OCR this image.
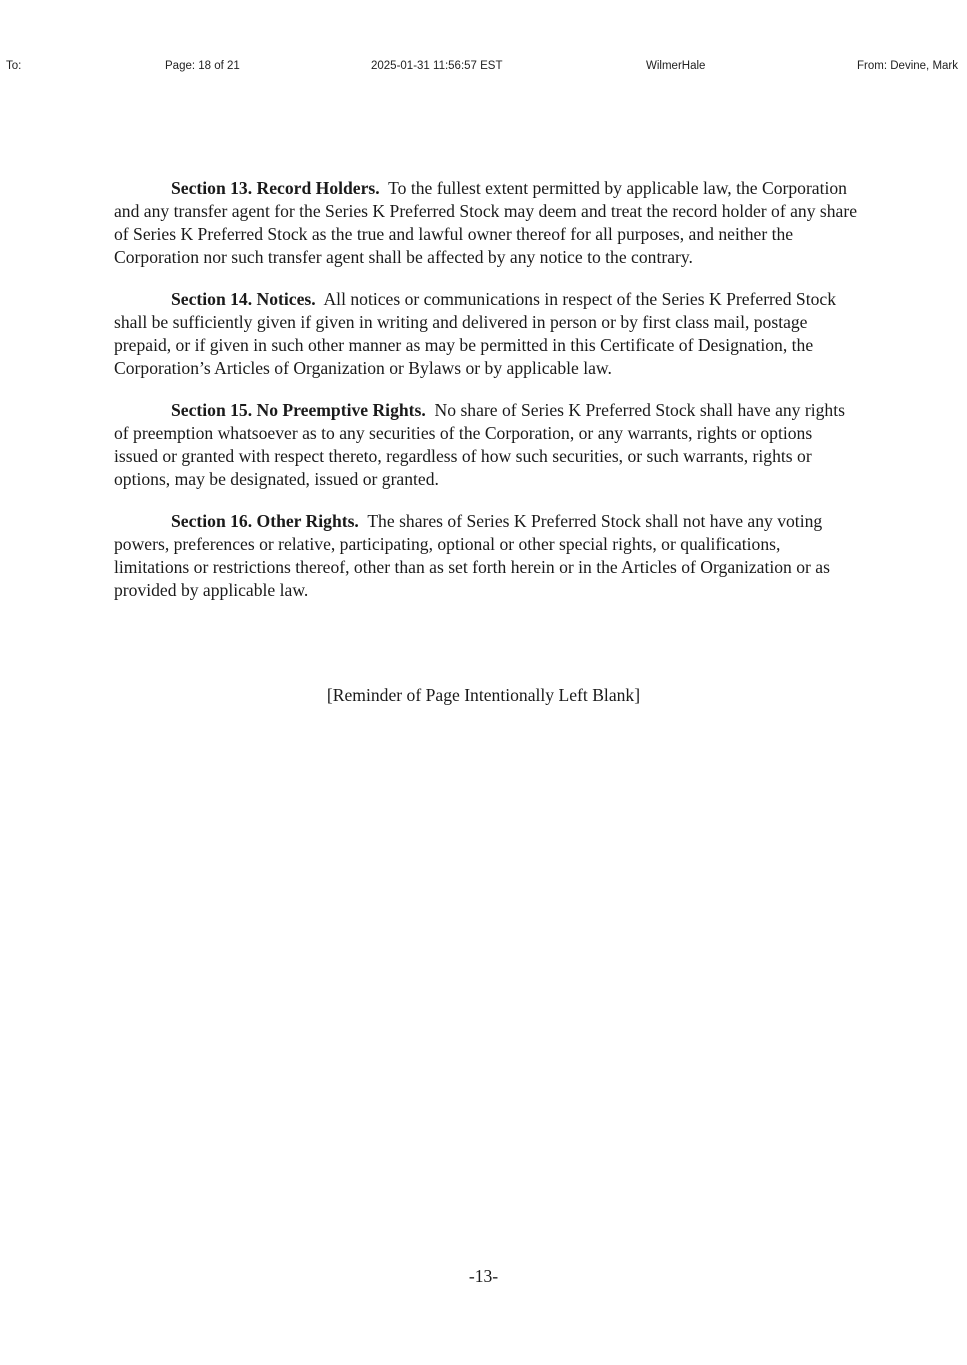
To:	Page: 18 of 21	2025-01-31 11:56:57 EST	WilmerHale	From: Devine, Mark

Section 13. Record Holders. To the fullest extent permitted by applicable law, the Corporation and any transfer agent for the Series K Preferred Stock may deem and treat the record holder of any share of Series K Preferred Stock as the true and lawful owner thereof for all purposes, and neither the Corporation nor such transfer agent shall be affected by any notice to the contrary.

Section 14. Notices. All notices or communications in respect of the Series K Preferred Stock shall be sufficiently given if given in writing and delivered in person or by first class mail, postage prepaid, or if given in such other manner as may be permitted in this Certificate of Designation, the Corporation’s Articles of Organization or Bylaws or by applicable law.

Section 15. No Preemptive Rights. No share of Series K Preferred Stock shall have any rights of preemption whatsoever as to any securities of the Corporation, or any warrants, rights or options issued or granted with respect thereto, regardless of how such securities, or such warrants, rights or options, may be designated, issued or granted.

Section 16. Other Rights. The shares of Series K Preferred Stock shall not have any voting powers, preferences or relative, participating, optional or other special rights, or qualifications, limitations or restrictions thereof, other than as set forth herein or in the Articles of Organization or as provided by applicable law.

[Reminder of Page Intentionally Left Blank]
-13-
